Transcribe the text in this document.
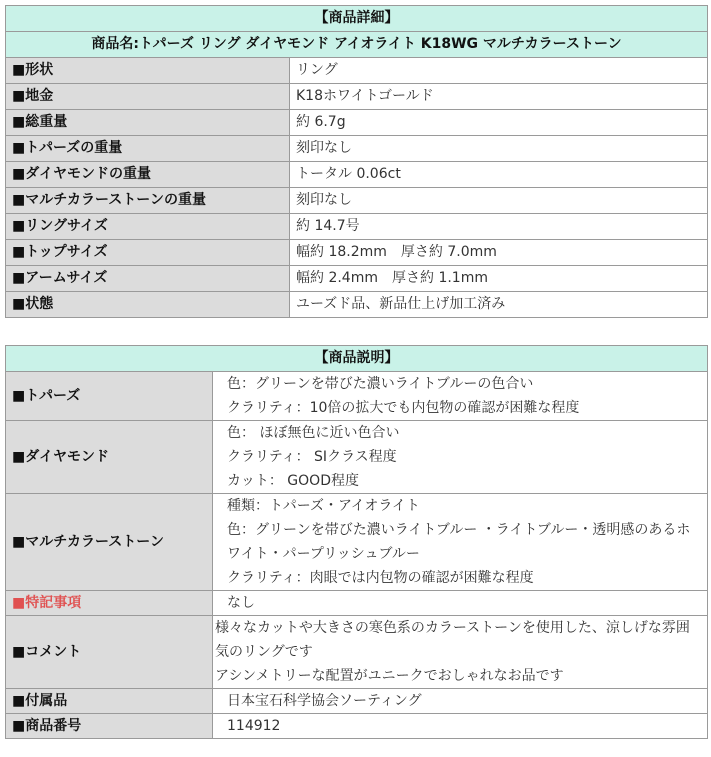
【商品詳細】	
商品名:トパーズ リング ダイヤモンド アイオライト K18WG マルチカラーストーン	
■形状	リング
■地金	K18ホワイトゴールド
■総重量	約 6.7g
■トパーズの重量	刻印なし
■ダイヤモンドの重量	トータル 0.06ct
■マルチカラーストーンの重量	刻印なし
■リングサイズ	約 14.7号
■トップサイズ	幅約 18.2mm　厚さ約 7.0mm
■アームサイズ	幅約 2.4mm　厚さ約 1.1mm
■状態	ユーズド品、新品仕上げ加工済み
【商品説明】	
■トパーズ	色：グリーンを帯びた濃いライトブルーの色合い
クラリティ：10倍の拡大でも内包物の確認が困難な程度

■ダイヤモンド	色： ほぼ無色に近い色合い
クラリティ： SIクラス程度
カット： GOOD程度

■マルチカラーストーン	種類：トパーズ・アイオライト
色：グリーンを帯びた濃いライトブルー ・ライトブルー・透明感のあるホワイト・パープリッシュブルー
クラリティ：肉眼では内包物の確認が困難な程度

■特記事項	なし

■コメント	様々なカットや大きさの寒色系のカラーストーンを使用した、涼しげな雰囲気のリングです
アシンメトリーな配置がユニークでおしゃれなお品です

■付属品	日本宝石科学協会ソーティング

■商品番号	114912
